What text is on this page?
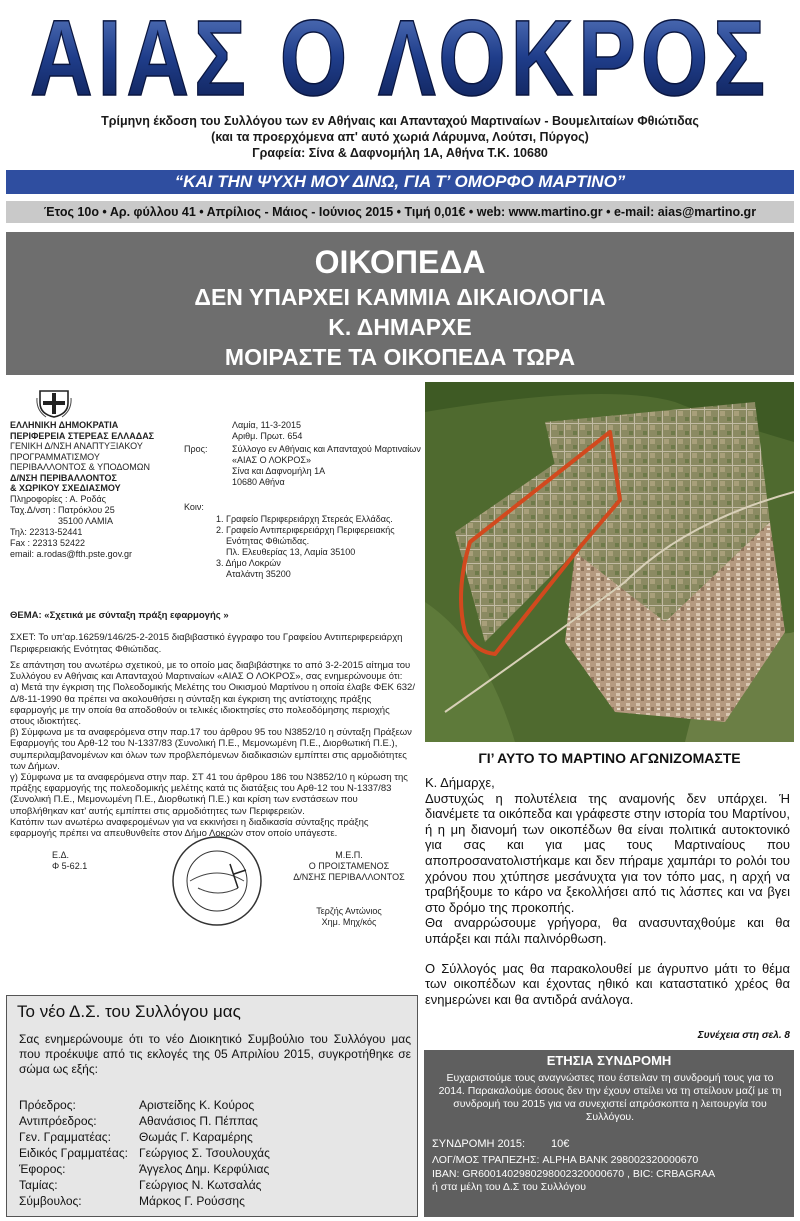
ΑΙΑΣ Ο ΛΟΚΡΟΣ
Τρίμηνη έκδοση του Συλλόγου των εν Αθήναις και Απανταχού Μαρτιναίων - Βουμελιταίων Φθιώτιδας
(και τα προερχόμενα απ' αυτό χωριά Λάρυμνα, Λούτσι, Πύργος)
Γραφεία: Σίνα & Δαφνομήλη 1Α, Αθήνα Τ.Κ. 10680
“ΚΑΙ ΤΗΝ ΨΥΧΗ ΜΟΥ ΔΙΝΩ, ΓΙΑ Τ’ ΟΜΟΡΦΟ ΜΑΡΤΙΝΟ”
Έτος 10ο • Αρ. φύλλου 41 • Απρίλιος - Μάιος - Ιούνιος 2015 • Τιμή 0,01€ • web: www.martino.gr • e-mail: aias@martino.gr
ΟΙΚΟΠΕΔΑ
ΔΕΝ ΥΠΑΡΧΕΙ ΚΑΜΜΙΑ ΔΙΚΑΙΟΛΟΓΙΑ
Κ. ΔΗΜΑΡΧΕ
ΜΟΙΡΑΣΤΕ ΤΑ ΟΙΚΟΠΕΔΑ ΤΩΡΑ
ΕΛΛΗΝΙΚΗ ΔΗΜΟΚΡΑΤΙΑ
ΠΕΡΙΦΕΡΕΙΑ ΣΤΕΡΕΑΣ ΕΛΛΑΔΑΣ
ΓΕΝΙΚΗ Δ/ΝΣΗ ΑΝΑΠΤΥΞΙΑΚΟΥ
ΠΡΟΓΡΑΜΜΑΤΙΣΜΟΥ
ΠΕΡΙΒΑΛΛΟΝΤΟΣ & ΥΠΟΔΟΜΩΝ
Δ/ΝΣΗ ΠΕΡΙΒΑΛΛΟΝΤΟΣ
& ΧΩΡΙΚΟΥ ΣΧΕΔΙΑΣΜΟΥ
Πληροφορίες : Α. Ροδάς
Ταχ.Δ/νση : Πατρόκλου 25
35100 ΛΑΜΙΑ
Τηλ: 22313-52441
Fax : 22313 52422
email: a.rodas@fth.pste.gov.gr
Λαμία, 11-3-2015
Αριθμ. Πρωτ. 654
Προς:	Σύλλογο εν Αθήναις και Απανταχού Μαρτιναίων
«ΑΙΑΣ Ο ΛΟΚΡΟΣ»
Σίνα και Δαφνομήλη 1Α
10680 Αθήνα
Κοιν:
1. Γραφείο Περιφερειάρχη Στερεάς Ελλάδας.
2. Γραφείο Αντιπεριφερειάρχη Περιφερειακής
Ενότητας Φθιώτιδας.
Πλ. Ελευθερίας 13, Λαμία 35100
3. Δήμο Λοκρών
Αταλάντη 35200
ΘΕΜΑ: «Σχετικά με σύνταξη πράξη εφαρμογής »
ΣΧΕΤ: Το υπ'αρ.16259/146/25-2-2015 διαβιβαστικό έγγραφο του Γραφείου Αντιπεριφερειάρχη Περιφερειακής Ενότητας Φθιώτιδας.
Σε απάντηση του ανωτέρω σχετικού, με το οποίο μας διαβιβάστηκε το από 3-2-2015 αίτημα του Συλλόγου εν Αθήναις και Απανταχού Μαρτιναίων «ΑΙΑΣ Ο ΛΟΚΡΟΣ», σας ενημερώνουμε ότι:
α) Μετά την έγκριση της Πολεοδομικής Μελέτης του Οικισμού Μαρτίνου η οποία έλαβε ΦΕΚ 632/Δ/8-11-1990 θα πρέπει να ακολουθήσει η σύνταξη και έγκριση της αντίστοιχης πράξης εφαρμογής με την οποία θα αποδοθούν οι τελικές ιδιοκτησίες στο πολεοδόμησης περιοχής στους ιδιοκτήτες.
β) Σύμφωνα με τα αναφερόμενα στην παρ.17 του άρθρου 95 του Ν3852/10 η σύνταξη Πράξεων Εφαρμογής του Αρθ-12 του Ν-1337/83 (Συνολική Π.Ε., Μεμονωμένη Π.Ε., Διορθωτική Π.Ε.), συμπεριλαμβανομένων και όλων των προβλεπόμενων διαδικασιών εμπίπτει στις αρμοδιότητες των Δήμων.
γ) Σύμφωνα με τα αναφερόμενα στην παρ. ΣΤ 41 του άρθρου 186 του Ν3852/10 η κύρωση της πράξης εφαρμογής της πολεοδομικής μελέτης κατά τις διατάξεις του Αρθ-12 του Ν-1337/83 (Συνολική Π.Ε., Μεμονωμένη Π.Ε., Διορθωτική Π.Ε.) και κρίση των ενστάσεων που υποβλήθηκαν κατ' αυτής εμπίπτει στις αρμοδιότητες των Περιφερειών.
Κατόπιν των ανωτέρω αναφερομένων για να εκκινήσει η διαδικασία σύνταξης πράξης εφαρμογής πρέπει να απευθυνθείτε στον Δήμο Λοκρών στον οποίο υπάγεστε.
Ε.Δ.
Φ 5-62.1
Μ.Ε.Π.
Ο ΠΡΟΙΣΤΑΜΕΝΟΣ
Δ/ΝΣΗΣ ΠΕΡΙΒΑΛΛΟΝΤΟΣ
Τερζής Αντώνιος
Χημ. Μηχ/κός
ΓΙ’ ΑΥΤΟ ΤΟ ΜΑΡΤΙΝΟ ΑΓΩΝΙΖΟΜΑΣΤΕ

Κ. Δήμαρχε,

Δυστυχώς η πολυτέλεια της αναμονής δεν υπάρχει. Ή διανέμετε τα οικόπεδα και γράφεστε στην ιστορία του Μαρτίνου, ή η μη διανομή των οικοπέδων θα είναι πολιτικά αυτοκτονικό για σας και για μας τους Μαρτιναίους που αποπροσανατολιστήκαμε και δεν πήραμε χαμπάρι το ρολόι του χρόνου που χτύπησε μεσάνυχτα για τον τόπο μας, η αρχή να τραβήξουμε το κάρο να ξεκολλήσει από τις λάσπες και να βγει στο δρόμο της προκοπής.

Θα αναρρώσουμε γρήγορα, θα ανασυνταχθούμε και θα υπάρξει και πάλι παλινόρθωση.

Ο Σύλλογός μας θα παρακολουθεί με άγρυπνο μάτι το θέμα των οικοπέδων και έχοντας ηθικό και καταστατικό χρέος θα ενημερώνει και θα αντιδρά ανάλογα.

Συνέχεια στη σελ. 8
Το νέο Δ.Σ. του Συλλόγου μας
Σας ενημερώνουμε ότι το νέο Διοικητικό Συμβούλιο του Συλλόγου μας που προέκυψε από τις εκλογές της 05 Απριλίου 2015, συγκροτήθηκε σε σώμα ως εξής:
Πρόεδρος:	Αριστείδης Κ. Κούρος
Αντιπρόεδρος:	Αθανάσιος Π. Πέππας
Γεν. Γραμματέας: Θωμάς Γ. Καραμέρης
Ειδικός Γραμματέας: Γεώργιος Σ. Τσουλουχάς
Έφορος:	Άγγελος Δημ. Κερφύλιας
Ταμίας:	Γεώργιος Ν. Κωτσαλάς
Σύμβουλος:	Μάρκος Γ. Ρούσσης
ΕΤΗΣΙΑ ΣΥΝΔΡΟΜΗ
Ευχαριστούμε τους αναγνώστες που έστειλαν τη συνδρομή τους για το 2014. Παρακαλούμε όσους δεν την έχουν στείλει να τη στείλουν μαζί με τη συνδρομή του 2015 για να συνεχιστεί απρόσκοπτα η λειτουργία του Συλλόγου.
ΣΥΝΔΡΟΜΗ 2015: 10€
ΛΟΓ/ΜΟΣ ΤΡΑΠΕΖΗΣ: ALPHA BANK 298002320000670
IBAN: GR6001402980298002320000670 , BIC: CRBAGRAA
ή στα μέλη του Δ.Σ του Συλλόγου
